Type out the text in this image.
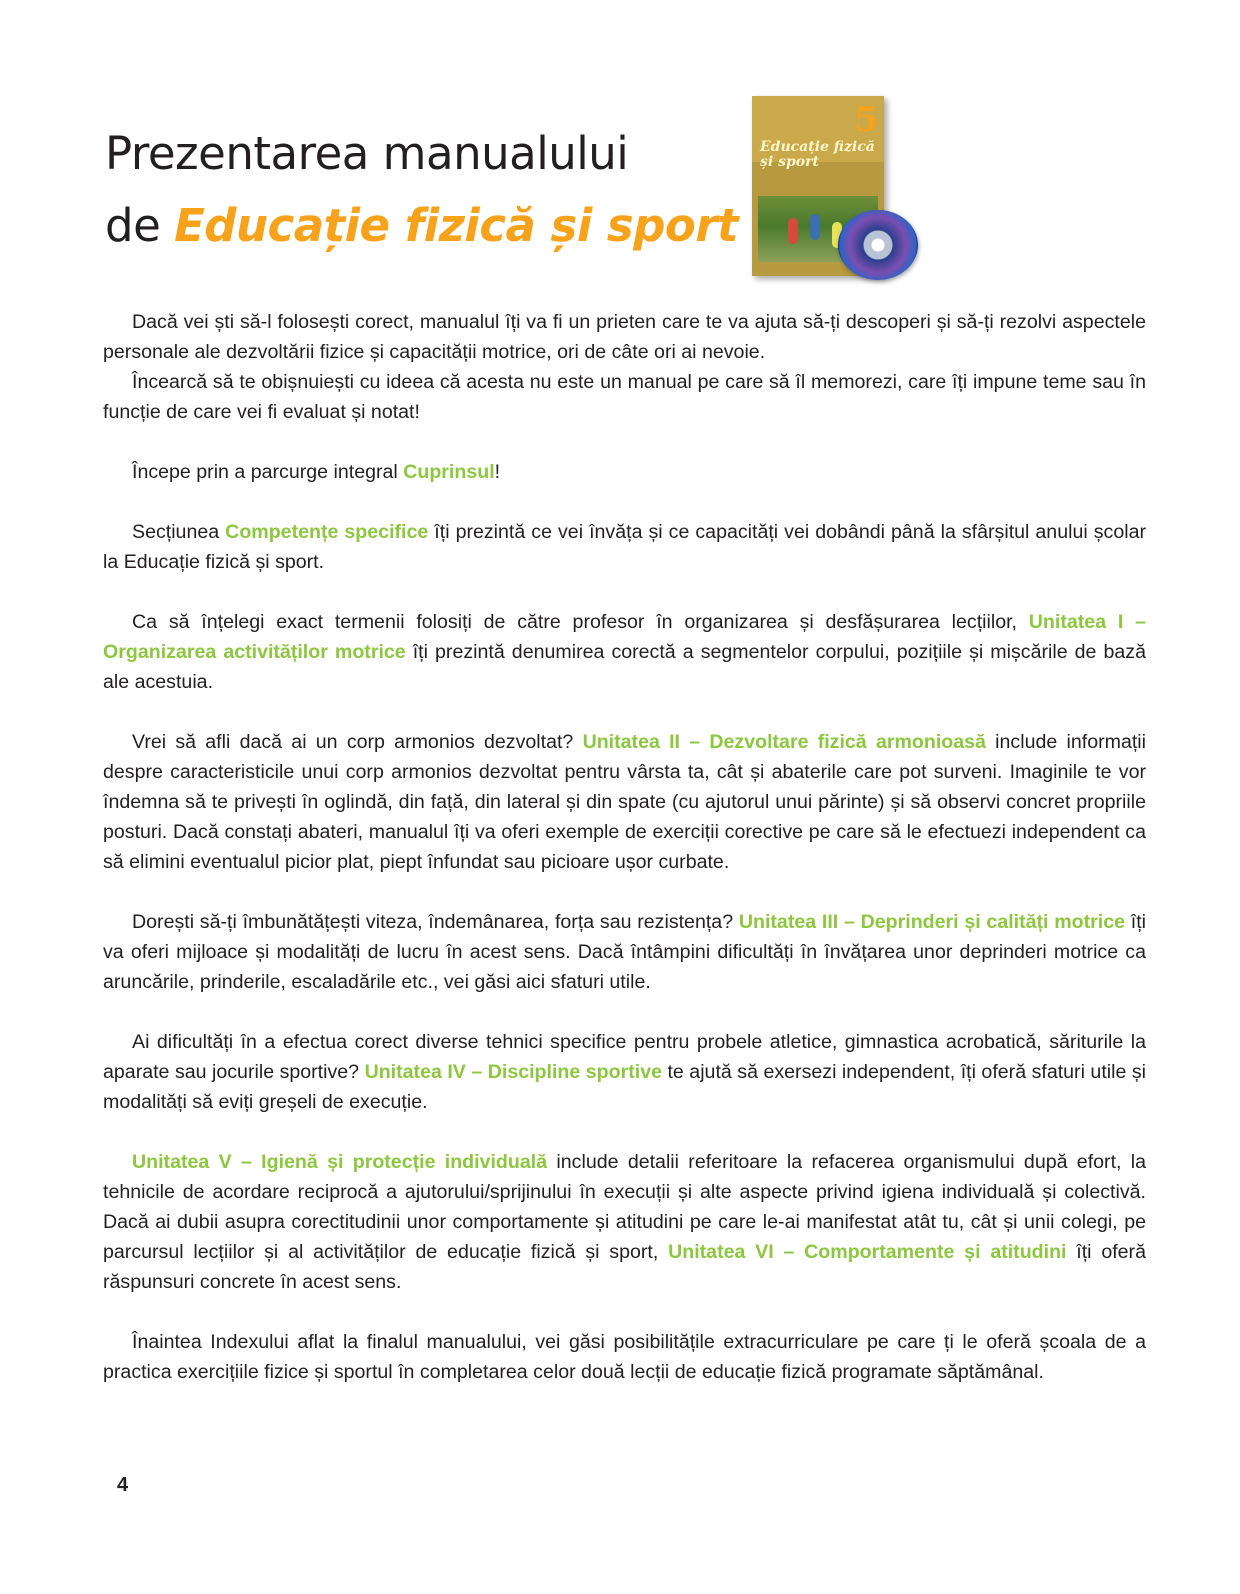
Prezentarea manualului
de Educație fizică și sport
5
Educație fizică și sport

Dacă vei ști să-l folosești corect, manualul îți va fi un prieten care te va ajuta să-ți descoperi și să-ți rezolvi aspectele personale ale dezvoltării fizice și capacității motrice, ori de câte ori ai nevoie.

Încearcă să te obișnuiești cu ideea că acesta nu este un manual pe care să îl memorezi, care îți impune teme sau în funcție de care vei fi evaluat și notat!

Începe prin a parcurge integral Cuprinsul!

Secțiunea Competențe specifice îți prezintă ce vei învăța și ce capacități vei dobândi până la sfârșitul anului școlar la Educație fizică și sport.

Ca să înțelegi exact termenii folosiți de către profesor în organizarea și desfășurarea lecțiilor, Unitatea I – Organizarea activităților motrice îți prezintă denumirea corectă a segmentelor corpului, pozițiile și mișcările de bază ale acestuia.

Vrei să afli dacă ai un corp armonios dezvoltat? Unitatea II – Dezvoltare fizică armonioasă include informații despre caracteristicile unui corp armonios dezvoltat pentru vârsta ta, cât și abaterile care pot surveni. Imaginile te vor îndemna să te privești în oglindă, din față, din lateral și din spate (cu ajutorul unui părinte) și să observi concret propriile posturi. Dacă constați abateri, manualul îți va oferi exemple de exerciții corective pe care să le efectuezi independent ca să elimini eventualul picior plat, piept înfundat sau picioare ușor curbate.

Dorești să-ți îmbunătățești viteza, îndemânarea, forța sau rezistența? Unitatea III – Deprinderi și calități motrice îți va oferi mijloace și modalități de lucru în acest sens. Dacă întâmpini dificultăți în învățarea unor deprinderi motrice ca aruncările, prinderile, escaladările etc., vei găsi aici sfaturi utile.

Ai dificultăți în a efectua corect diverse tehnici specifice pentru probele atletice, gimnastica acrobatică, săriturile la aparate sau jocurile sportive? Unitatea IV – Discipline sportive te ajută să exersezi independent, îți oferă sfaturi utile și modalități să eviți greșeli de execuție.

Unitatea V – Igienă și protecție individuală include detalii referitoare la refacerea organismului după efort, la tehnicile de acordare reciprocă a ajutorului/sprijinului în execuții și alte aspecte privind igiena individuală și colectivă. Dacă ai dubii asupra corectitudinii unor comportamente și atitudini pe care le-ai manifestat atât tu, cât și unii colegi, pe parcursul lecțiilor și al activităților de educație fizică și sport, Unitatea VI – Comportamente și atitudini îți oferă răspunsuri concrete în acest sens.

Înaintea Indexului aflat la finalul manualului, vei găsi posibilitățile extracurriculare pe care ți le oferă școala de a practica exercițiile fizice și sportul în completarea celor două lecții de educație fizică programate săptămânal.

4
